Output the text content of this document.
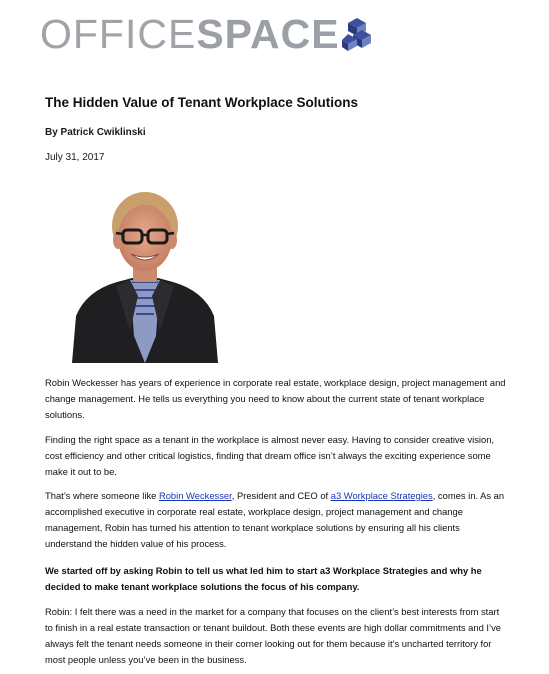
OFFICESPACE
The Hidden Value of Tenant Workplace Solutions
By Patrick Cwiklinski
July 31, 2017

Robin Weckesser has years of experience in corporate real estate, workplace design, project management and change management. He tells us everything you need to know about the current state of tenant workplace solutions.

Finding the right space as a tenant in the workplace is almost never easy. Having to consider creative vision, cost efficiency and other critical logistics, finding that dream office isn’t always the exciting experience some make it out to be.

That’s where someone like Robin Weckesser, President and CEO of a3 Workplace Strategies, comes in. As an accomplished executive in corporate real estate, workplace design, project management and change management, Robin has turned his attention to tenant workplace solutions by ensuring all his clients understand the hidden value of his process.

We started off by asking Robin to tell us what led him to start a3 Workplace Strategies and why he decided to make tenant workplace solutions the focus of his company.

Robin: I felt there was a need in the market for a company that focuses on the client’s best interests from start to finish in a real estate transaction or tenant buildout. Both these events are high dollar commitments and I’ve always felt the tenant needs someone in their corner looking out for them because it’s uncharted territory for most people unless you’ve been in the business.
